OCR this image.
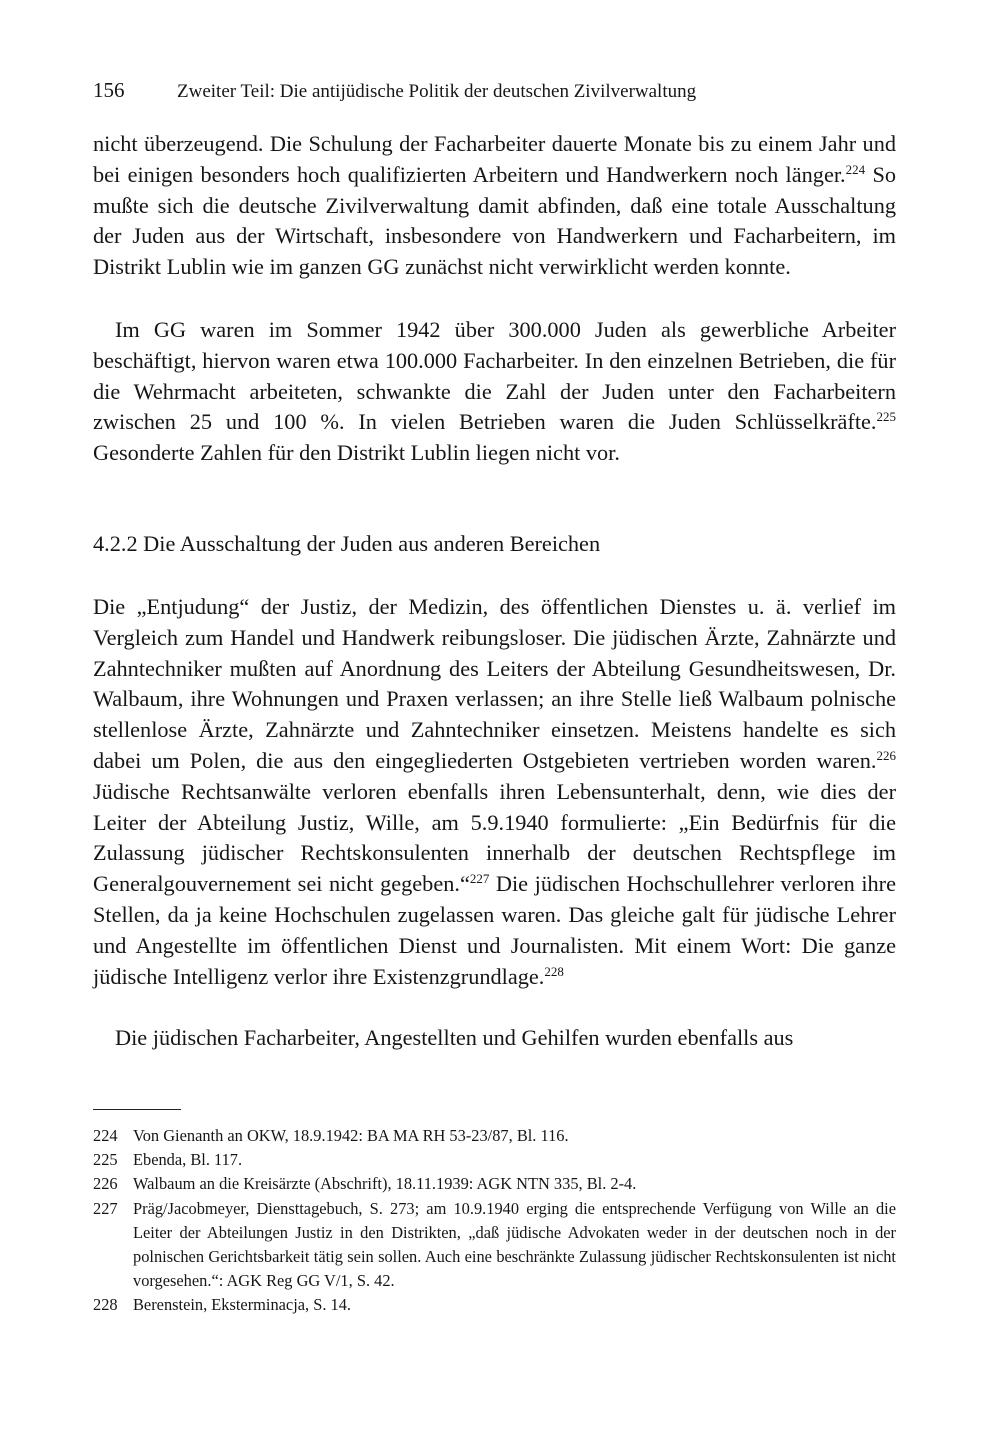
156	Zweiter Teil: Die antijüdische Politik der deutschen Zivilverwaltung

nicht überzeugend. Die Schulung der Facharbeiter dauerte Monate bis zu einem Jahr und bei einigen besonders hoch qualifizierten Arbeitern und Handwerkern noch länger.$^{224}$ So mußte sich die deutsche Zivilverwaltung damit abfinden, daß eine totale Ausschaltung der Juden aus der Wirtschaft, insbesondere von Handwerkern und Facharbeitern, im Distrikt Lublin wie im ganzen GG zunächst nicht verwirklicht werden konnte.

Im GG waren im Sommer 1942 über 300.000 Juden als gewerbliche Arbeiter beschäftigt, hiervon waren etwa 100.000 Facharbeiter. In den einzelnen Betrieben, die für die Wehrmacht arbeiteten, schwankte die Zahl der Juden unter den Facharbeitern zwischen 25 und 100 %. In vielen Betrieben waren die Juden Schlüsselkräfte.$^{225}$ Gesonderte Zahlen für den Distrikt Lublin liegen nicht vor.

4.2.2 Die Ausschaltung der Juden aus anderen Bereichen

Die „Entjudung“ der Justiz, der Medizin, des öffentlichen Dienstes u. ä. verlief im Vergleich zum Handel und Handwerk reibungsloser. Die jüdischen Ärzte, Zahnärzte und Zahntechniker mußten auf Anordnung des Leiters der Abteilung Gesundheitswesen, Dr. Walbaum, ihre Wohnungen und Praxen verlassen; an ihre Stelle ließ Walbaum polnische stellenlose Ärzte, Zahnärzte und Zahntechniker einsetzen. Meistens handelte es sich dabei um Polen, die aus den eingegliederten Ostgebieten vertrieben worden waren.$^{226}$ Jüdische Rechtsanwälte verloren ebenfalls ihren Lebensunterhalt, denn, wie dies der Leiter der Abteilung Justiz, Wille, am 5.9.1940 formulierte: „Ein Bedürfnis für die Zulassung jüdischer Rechtskonsulenten innerhalb der deutschen Rechtspflege im Generalgouvernement sei nicht gegeben.“$^{227}$ Die jüdischen Hochschullehrer verloren ihre Stellen, da ja keine Hochschulen zugelassen waren. Das gleiche galt für jüdische Lehrer und Angestellte im öffentlichen Dienst und Journalisten. Mit einem Wort: Die ganze jüdische Intelligenz verlor ihre Existenzgrundlage.$^{228}$

Die jüdischen Facharbeiter, Angestellten und Gehilfen wurden ebenfalls aus

224 Von Gienanth an OKW, 18.9.1942: BA MA RH 53-23/87, Bl. 116.

225 Ebenda, Bl. 117.

226 Walbaum an die Kreisärzte (Abschrift), 18.11.1939: AGK NTN 335, Bl. 2-4.

227 Präg/Jacobmeyer, Diensttagebuch, S. 273; am 10.9.1940 erging die entsprechende Verfügung von Wille an die Leiter der Abteilungen Justiz in den Distrikten, „daß jüdische Advokaten weder in der deutschen noch in der polnischen Gerichtsbarkeit tätig sein sollen. Auch eine beschränkte Zulassung jüdischer Rechtskonsulenten ist nicht vorgesehen.“: AGK Reg GG V/1, S. 42.

228 Berenstein, Eksterminacja, S. 14.
